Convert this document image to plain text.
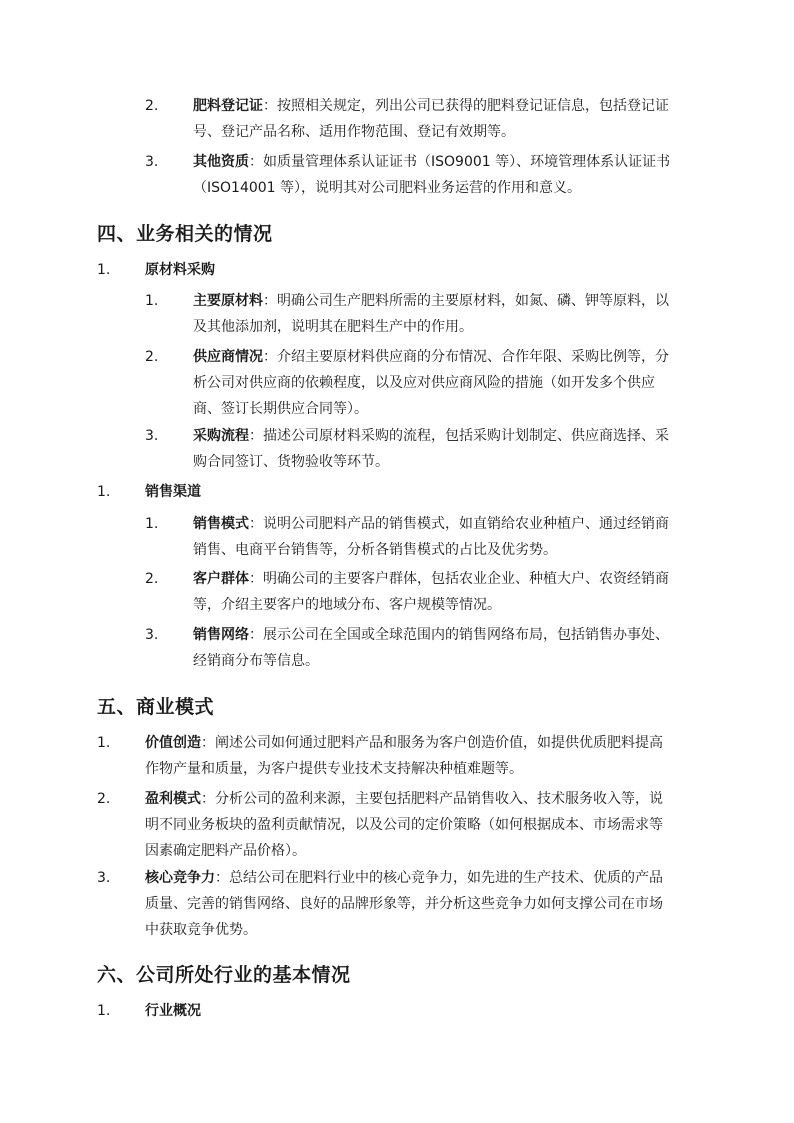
2. 肥料登记证：按照相关规定，列出公司已获得的肥料登记证信息，包括登记证
号、登记产品名称、适用作物范围、登记有效期等。
3. 其他资质：如质量管理体系认证证书（ISO9001 等）、环境管理体系认证证书
（ISO14001 等），说明其对公司肥料业务运营的作用和意义。
四、业务相关的情况
1. 原材料采购
1. 主要原材料：明确公司生产肥料所需的主要原材料，如氮、磷、钾等原料，以
及其他添加剂，说明其在肥料生产中的作用。
2. 供应商情况：介绍主要原材料供应商的分布情况、合作年限、采购比例等，分
析公司对供应商的依赖程度，以及应对供应商风险的措施（如开发多个供应
商、签订长期供应合同等）。
3. 采购流程：描述公司原材料采购的流程，包括采购计划制定、供应商选择、采
购合同签订、货物验收等环节。
1. 销售渠道
1. 销售模式：说明公司肥料产品的销售模式，如直销给农业种植户、通过经销商
销售、电商平台销售等，分析各销售模式的占比及优劣势。
2. 客户群体：明确公司的主要客户群体，包括农业企业、种植大户、农资经销商
等，介绍主要客户的地域分布、客户规模等情况。
3. 销售网络：展示公司在全国或全球范围内的销售网络布局，包括销售办事处、
经销商分布等信息。
五、商业模式
1. 价值创造：阐述公司如何通过肥料产品和服务为客户创造价值，如提供优质肥料提高
作物产量和质量，为客户提供专业技术支持解决种植难题等。
2. 盈利模式：分析公司的盈利来源，主要包括肥料产品销售收入、技术服务收入等，说
明不同业务板块的盈利贡献情况，以及公司的定价策略（如何根据成本、市场需求等
因素确定肥料产品价格）。
3. 核心竞争力：总结公司在肥料行业中的核心竞争力，如先进的生产技术、优质的产品
质量、完善的销售网络、良好的品牌形象等，并分析这些竞争力如何支撑公司在市场
中获取竞争优势。
六、公司所处行业的基本情况
1. 行业概况
